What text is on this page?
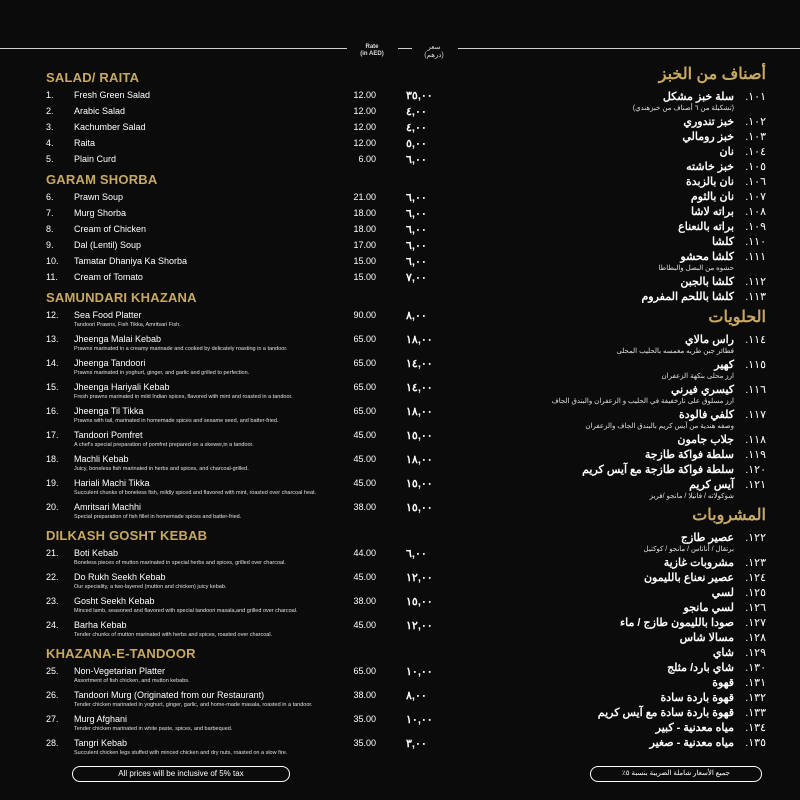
Rate
(in AED)
سعر
(درهم)
SALAD/ RAITA
1. Fresh Green Salad	12.00	٣٥,٠٠
2. Arabic Salad	12.00	٤,٠٠
3. Kachumber Salad	12.00	٤,٠٠
4. Raita	12.00	٥,٠٠
5. Plain Curd	6.00	٦,٠٠
GARAM SHORBA
6. Prawn Soup	21.00	٦,٠٠
7. Murg Shorba	18.00	٦,٠٠
8. Cream of Chicken	18.00	٦,٠٠
9. Dal (Lentil) Soup	17.00	٦,٠٠
10. Tamatar Dhaniya Ka Shorba	15.00	٦,٠٠
11. Cream of Tomato	15.00	٧,٠٠
SAMUNDARI KHAZANA
12. Sea Food Platter
Tandoori Prawns, Fish Tikka, Amritsari Fish.
90.00	٨,٠٠
13. Jheenga Malai Kebab
Prawns marinated in a creamy marinade and cooked by delicately roasting in a tandoor.
65.00	١٨,٠٠
14. Jheenga Tandoori
Prawns marinated in yoghurt, ginger, and garlic and grilled to perfection.
65.00	١٤,٠٠
15. Jheenga Hariyali Kebab
Fresh prawns marinated in mild Indian spices, flavored with mint and roasted in a tandoor.
65.00	١٤,٠٠
16. Jheenga Til Tikka
Prawns with tail, marinated in homemade spices and sesame seed, and batter-fried.
65.00	١٨,٠٠
17. Tandoori Pomfret
A chef's special preparation of pomfret prepared on a skewer,in a tandoor.
45.00	١٥,٠٠
18. Machli Kebab
Juicy, boneless fish marinated in herbs and spices, and charcoal-grilled.
45.00	١٨,٠٠
19. Hariali Machi Tikka
Succulent chunks of boneless fish, mildly spiced and flavored with mint, roasted over charcoal heat.
45.00	١٥,٠٠
20. Amritsari Machhi
Special preparation of fish fillet in homemade spices and batter-fried.
38.00	١٥,٠٠
DILKASH GOSHT KEBAB
21. Boti Kebab
Boneless pieces of mutton marinated in special herbs and spices, grilled over charcoal.
44.00	٦,٠٠
22. Do Rukh Seekh Kebab
Our speciality, a two-layered (mutton and chicken) juicy kebab.
45.00	١٢,٠٠
23. Gosht Seekh Kebab
Minced lamb, seasoned and flavored with special tandoori masala,and grilled over charcoal.
38.00	١٥,٠٠
24. Barha Kebab
Tender chunks of mutton marinated with herbs and spices, roasted over charcoal.
45.00	١٢,٠٠
KHAZANA-E-TANDOOR
25. Non-Vegetarian Platter
Assortment of fish chicken, and mutton kebabs.
65.00	١٠,٠٠
26. Tandoori Murg (Originated from our Restaurant)
Tender chicken marinated in yoghurt, ginger, garlic, and home-made masala, roasted in a tandoor.
38.00	٨,٠٠
27. Murg Afghani
Tender chicken marinated in white paste, spices, and barbequed.
35.00	١٠,٠٠
28. Tangri Kebab
Succulent chicken legs stuffed with minced chicken and dry nuts, roasted on a slow fire.
35.00	٣,٠٠
أصناف من الخبز
١٠١.
سلة خبز مشكل
(تشكيلة من ٦ أصناف من خبزهندي)
١٠٢.
خبز تندوري
١٠٣.
خبز رومالي
١٠٤.
نان
١٠٥.
خبز خاشته
١٠٦.
نان بالزبدة
١٠٧.
نان بالثوم
١٠٨.
براته لاشا
١٠٩.
براته بالنعناع
١١٠.
كلشا
١١١.
كلشا محشو
حشوه من البصل والبطاطا
١١٢.
كلشا بالجبن
١١٣.
كلشا باللحم المفروم
الحلويات
١١٤.
راس مالاي
فطائر جبن طريه مغمسه بالحليب المحلى
١١٥.
كهير
ارز محلى بنكهة الزعفران
١١٦.
كيسري فيرني
ارز مسلوق على نارخفيفة في الحليب و الزعفران والبندق الجاف
١١٧.
كلفي فالودة
وصفه هندية من آيس كريم بالبندق الجاف والزعفران
١١٨.
جلاب جامون
١١٩.
سلطة فواكة طازجة
١٢٠.
سلطة فواكة طازجة مع آيس كريم
١٢١.
آيس كريم
شوكولاته / فانيلا / مانجو /فريز
المشروبات
١٢٢.
عصير طازج
برتقال / أناناس / مانجو / كوكتيل
١٢٣.
مشروبات غازية
١٢٤.
عصير نعناع بالليمون
١٢٥.
لسي
١٢٦.
لسي مانجو
١٢٧.
صودا بالليمون طازج / ماء
١٢٨.
مسالا شاس
١٢٩.
شاي
١٣٠.
شاي بارد/ مثلج
١٣١.
قهوة
١٣٢.
قهوة باردة سادة
١٣٣.
قهوة باردة سادة مع آيس كريم
١٣٤.
مياه معدنية - كبير
١٣٥.
مياه معدنية - صغير
All prices will be inclusive of 5% tax	جميع الأسعار شاملة الضريبة بنسبة ٥٪
